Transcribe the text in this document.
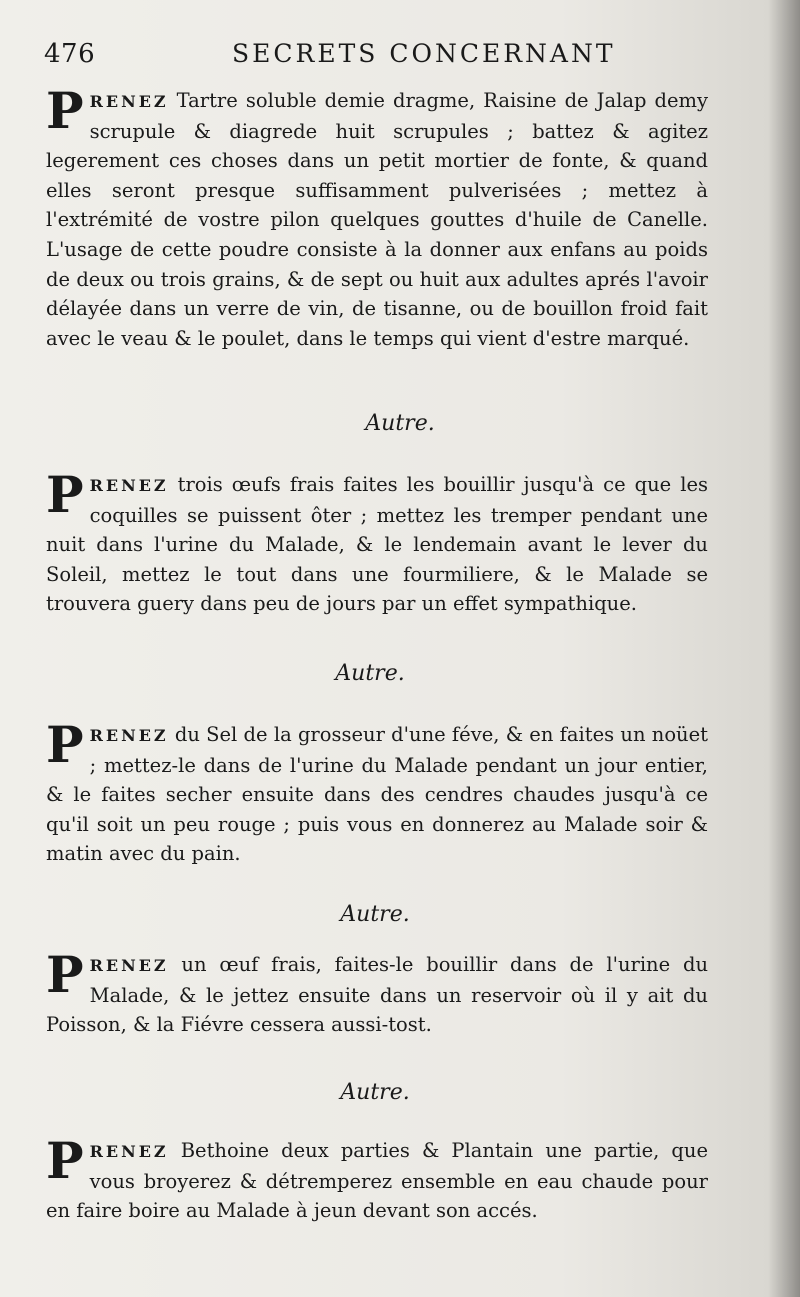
476	SECRETS CONCERNANT

PRENEZ Tartre soluble demie dragme, Raisine de Jalap demy scrupule & diagrede huit scrupules ; battez & agitez legerement ces choses dans un petit mortier de fonte, & quand elles seront presque suffisamment pulverisées ; mettez à l'extrémité de vostre pilon quelques gouttes d'huile de Canelle. L'usage de cette poudre consiste à la donner aux enfans au poids de deux ou trois grains, & de sept ou huit aux adultes aprés l'avoir délayée dans un verre de vin, de tisanne, ou de bouillon froid fait avec le veau & le poulet, dans le temps qui vient d'estre marqué.

Autre.

PRENEZ trois œufs frais faites les bouillir jusqu'à ce que les coquilles se puissent ôter ; mettez les tremper pendant une nuit dans l'urine du Malade, & le lendemain avant le lever du Soleil, mettez le tout dans une fourmiliere, & le Malade se trouvera guery dans peu de jours par un effet sympathique.

Autre.

PRENEZ du Sel de la grosseur d'une féve, & en faites un noüet ; mettez-le dans de l'urine du Malade pendant un jour entier, & le faites secher ensuite dans des cendres chaudes jusqu'à ce qu'il soit un peu rouge ; puis vous en donnerez au Malade soir & matin avec du pain.

Autre.

PRENEZ un œuf frais, faites-le bouillir dans de l'urine du Malade, & le jettez ensuite dans un reservoir où il y ait du Poisson, & la Fiévre cessera aussi-tost.

Autre.

PRENEZ Bethoine deux parties & Plantain une partie, que vous broyerez & détremperez ensemble en eau chaude pour en faire boire au Malade à jeun devant son accés.
